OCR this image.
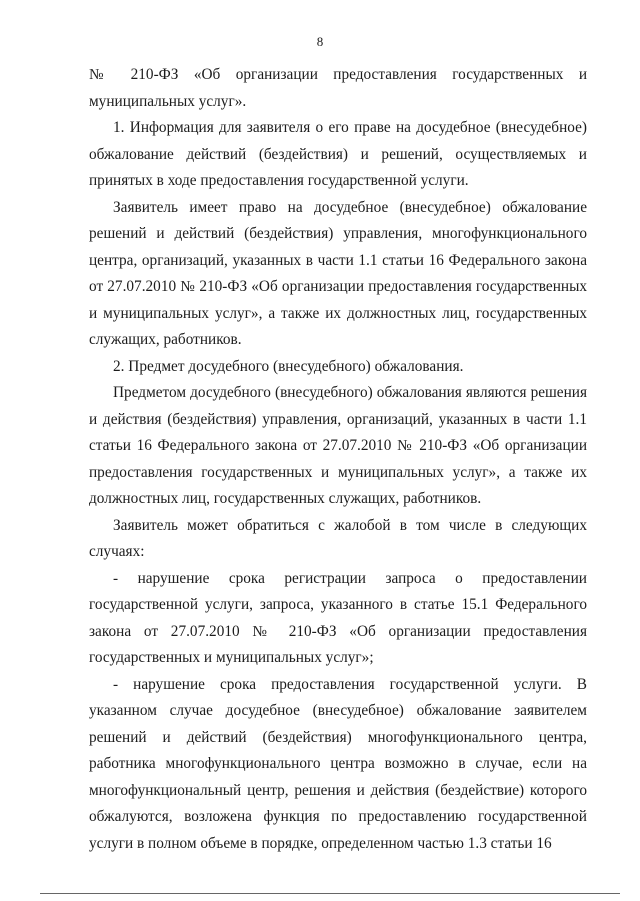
8

№ 210-ФЗ «Об организации предоставления государственных и муниципальных услуг».

1. Информация для заявителя о его праве на досудебное (внесудебное) обжалование действий (бездействия) и решений, осуществляемых и принятых в ходе предоставления государственной услуги.

Заявитель имеет право на досудебное (внесудебное) обжалование решений и действий (бездействия) управления, многофункционального центра, организаций, указанных в части 1.1 статьи 16 Федерального закона от 27.07.2010 № 210-ФЗ «Об организации предоставления государственных и муниципальных услуг», а также их должностных лиц, государственных служащих, работников.

2. Предмет досудебного (внесудебного) обжалования.

Предметом досудебного (внесудебного) обжалования являются решения и действия (бездействия) управления, организаций, указанных в части 1.1 статьи 16 Федерального закона от 27.07.2010 № 210-ФЗ «Об организации предоставления государственных и муниципальных услуг», а также их должностных лиц, государственных служащих, работников.

Заявитель может обратиться с жалобой в том числе в следующих случаях:

- нарушение срока регистрации запроса о предоставлении государственной услуги, запроса, указанного в статье 15.1 Федерального закона от 27.07.2010 № 210-ФЗ «Об организации предоставления государственных и муниципальных услуг»;

- нарушение срока предоставления государственной услуги. В указанном случае досудебное (внесудебное) обжалование заявителем решений и действий (бездействия) многофункционального центра, работника многофункционального центра возможно в случае, если на многофункциональный центр, решения и действия (бездействие) которого обжалуются, возложена функция по предоставлению государственной услуги в полном объеме в порядке, определенном частью 1.3 статьи 16
